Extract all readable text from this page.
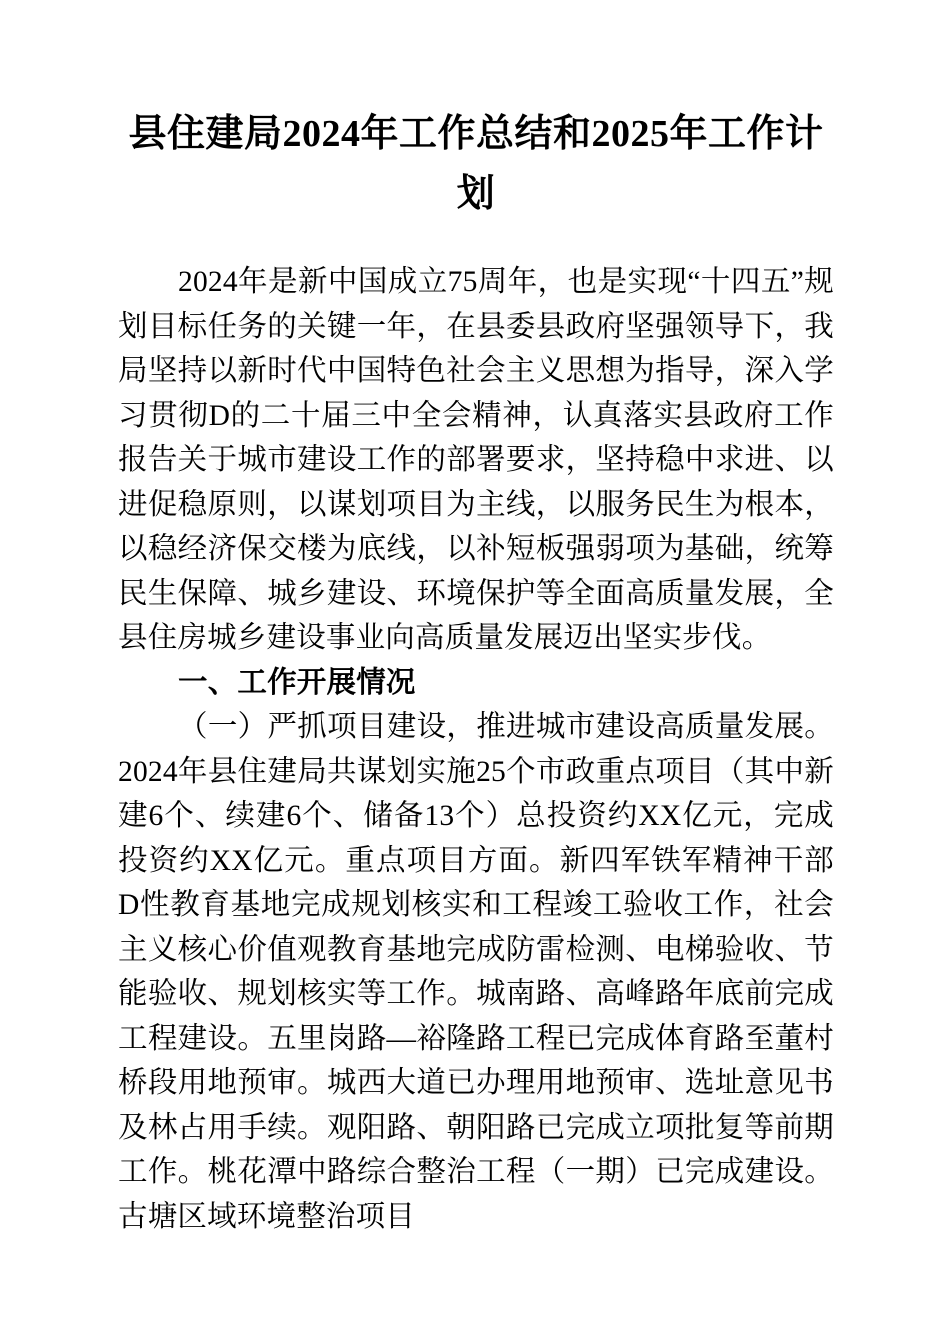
县住建局2024年工作总结和2025年工作计划

2024年是新中国成立75周年，也是实现“十四五”规划目标任务的关键一年，在县委县政府坚强领导下，我局坚持以新时代中国特色社会主义思想为指导，深入学习贯彻D的二十届三中全会精神，认真落实县政府工作报告关于城市建设工作的部署要求，坚持稳中求进、以进促稳原则，以谋划项目为主线，以服务民生为根本，以稳经济保交楼为底线，以补短板强弱项为基础，统筹民生保障、城乡建设、环境保护等全面高质量发展，全县住房城乡建设事业向高质量发展迈出坚实步伐。

一、工作开展情况

（一）严抓项目建设，推进城市建设高质量发展。2024年县住建局共谋划实施25个市政重点项目（其中新建6个、续建6个、储备13个）总投资约XX亿元，完成投资约XX亿元。重点项目方面。新四军铁军精神干部D性教育基地完成规划核实和工程竣工验收工作，社会主义核心价值观教育基地完成防雷检测、电梯验收、节能验收、规划核实等工作。城南路、高峰路年底前完成工程建设。五里岗路—裕隆路工程已完成体育路至董村桥段用地预审。城西大道已办理用地预审、选址意见书及林占用手续。观阳路、朝阳路已完成立项批复等前期工作。桃花潭中路综合整治工程（一期）已完成建设。古塘区域环境整治项目
